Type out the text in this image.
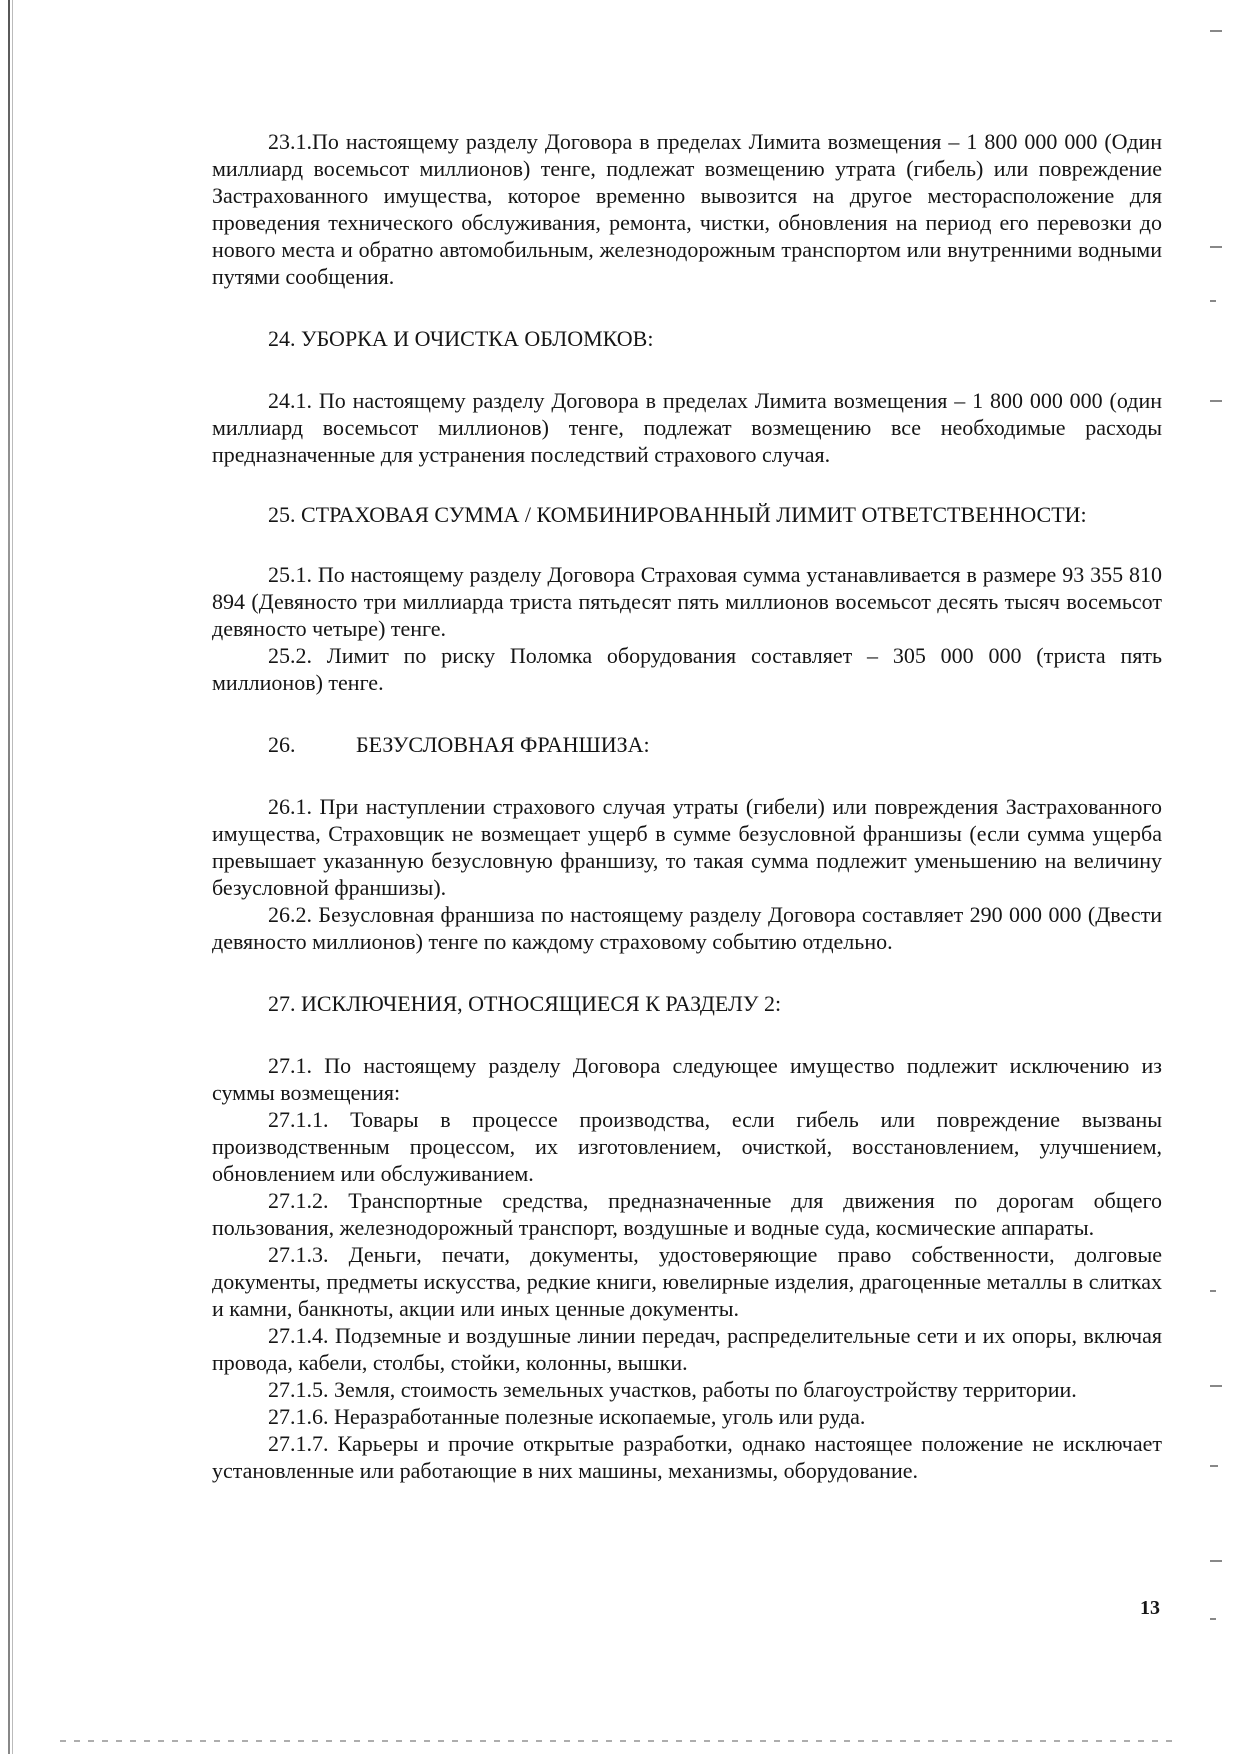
23.1.По настоящему разделу Договора в пределах Лимита возмещения – 1 800 000 000 (Один миллиард восемьсот миллионов) тенге, подлежат возмещению утрата (гибель) или повреждение Застрахованного имущества, которое временно вывозится на другое месторасположение для проведения технического обслуживания, ремонта, чистки, обновления на период его перевозки до нового места и обратно автомобильным, железнодорожным транспортом или внутренними водными путями сообщения.

24. УБОРКА И ОЧИСТКА ОБЛОМКОВ:

24.1. По настоящему разделу Договора в пределах Лимита возмещения – 1 800 000 000 (один миллиард восемьсот миллионов) тенге, подлежат возмещению все необходимые расходы предназначенные для устранения последствий страхового случая.

25. СТРАХОВАЯ СУММА / КОМБИНИРОВАННЫЙ ЛИМИТ ОТВЕТСТВЕННОСТИ:

25.1. По настоящему разделу Договора Страховая сумма устанавливается в размере 93 355 810 894 (Девяносто три миллиарда триста пятьдесят пять миллионов восемьсот десять тысяч восемьсот девяносто четыре) тенге.

25.2. Лимит по риску Поломка оборудования составляет – 305 000 000 (триста пять миллионов) тенге.

26.	БЕЗУСЛОВНАЯ ФРАНШИЗА:

26.1. При наступлении страхового случая утраты (гибели) или повреждения Застрахованного имущества, Страховщик не возмещает ущерб в сумме безусловной франшизы (если сумма ущерба превышает указанную безусловную франшизу, то такая сумма подлежит уменьшению на величину безусловной франшизы).

26.2. Безусловная франшиза по настоящему разделу Договора составляет 290 000 000 (Двести девяносто миллионов) тенге по каждому страховому событию отдельно.

27. ИСКЛЮЧЕНИЯ, ОТНОСЯЩИЕСЯ К РАЗДЕЛУ 2:

27.1. По настоящему разделу Договора следующее имущество подлежит исключению из суммы возмещения:

27.1.1. Товары в процессе производства, если гибель или повреждение вызваны производственным процессом, их изготовлением, очисткой, восстановлением, улучшением, обновлением или обслуживанием.

27.1.2. Транспортные средства, предназначенные для движения по дорогам общего пользования, железнодорожный транспорт, воздушные и водные суда, космические аппараты.

27.1.3. Деньги, печати, документы, удостоверяющие право собственности, долговые документы, предметы искусства, редкие книги, ювелирные изделия, драгоценные металлы в слитках и камни, банкноты, акции или иных ценные документы.

27.1.4. Подземные и воздушные линии передач, распределительные сети и их опоры, включая провода, кабели, столбы, стойки, колонны, вышки.

27.1.5. Земля, стоимость земельных участков, работы по благоустройству территории.

27.1.6. Неразработанные полезные ископаемые, уголь или руда.

27.1.7. Карьеры и прочие открытые разработки, однако настоящее положение не исключает установленные или работающие в них машины, механизмы, оборудование.

13
